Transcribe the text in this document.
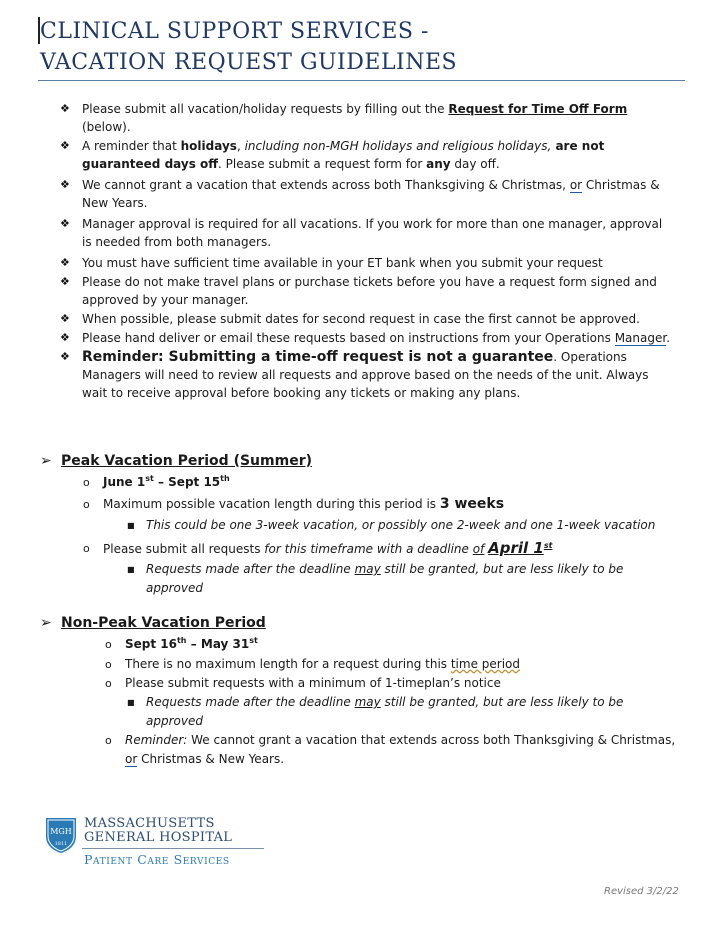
CLINICAL SUPPORT SERVICES -
VACATION REQUEST GUIDELINES
❖ Please submit all vacation/holiday requests by filling out the Request for Time Off Form (below).
❖ A reminder that holidays, including non-MGH holidays and religious holidays, are not guaranteed days off. Please submit a request form for any day off.
❖ We cannot grant a vacation that extends across both Thanksgiving & Christmas, or Christmas & New Years.
❖ Manager approval is required for all vacations. If you work for more than one manager, approval is needed from both managers.
❖ You must have sufficient time available in your ET bank when you submit your request
❖ Please do not make travel plans or purchase tickets before you have a request form signed and approved by your manager.
❖ When possible, please submit dates for second request in case the first cannot be approved.
❖ Please hand deliver or email these requests based on instructions from your Operations Manager.
❖ Reminder: Submitting a time-off request is not a guarantee. Operations Managers will need to review all requests and approve based on the needs of the unit. Always wait to receive approval before booking any tickets or making any plans.
➢ Peak Vacation Period (Summer)
o June 1st – Sept 15th
o Maximum possible vacation length during this period is 3 weeks
■ This could be one 3-week vacation, or possibly one 2-week and one 1-week vacation
o Please submit all requests for this timeframe with a deadline of April 1st
■ Requests made after the deadline may still be granted, but are less likely to be approved
➢ Non-Peak Vacation Period
o Sept 16th – May 31st
o There is no maximum length for a request during this time period
o Please submit requests with a minimum of 1-timeplan’s notice
■ Requests made after the deadline may still be granted, but are less likely to be approved
o Reminder: We cannot grant a vacation that extends across both Thanksgiving & Christmas, or Christmas & New Years.
MGH
1811
MASSACHUSETTS
GENERAL HOSPITAL
Patient Care Services
Revised 3/2/22
